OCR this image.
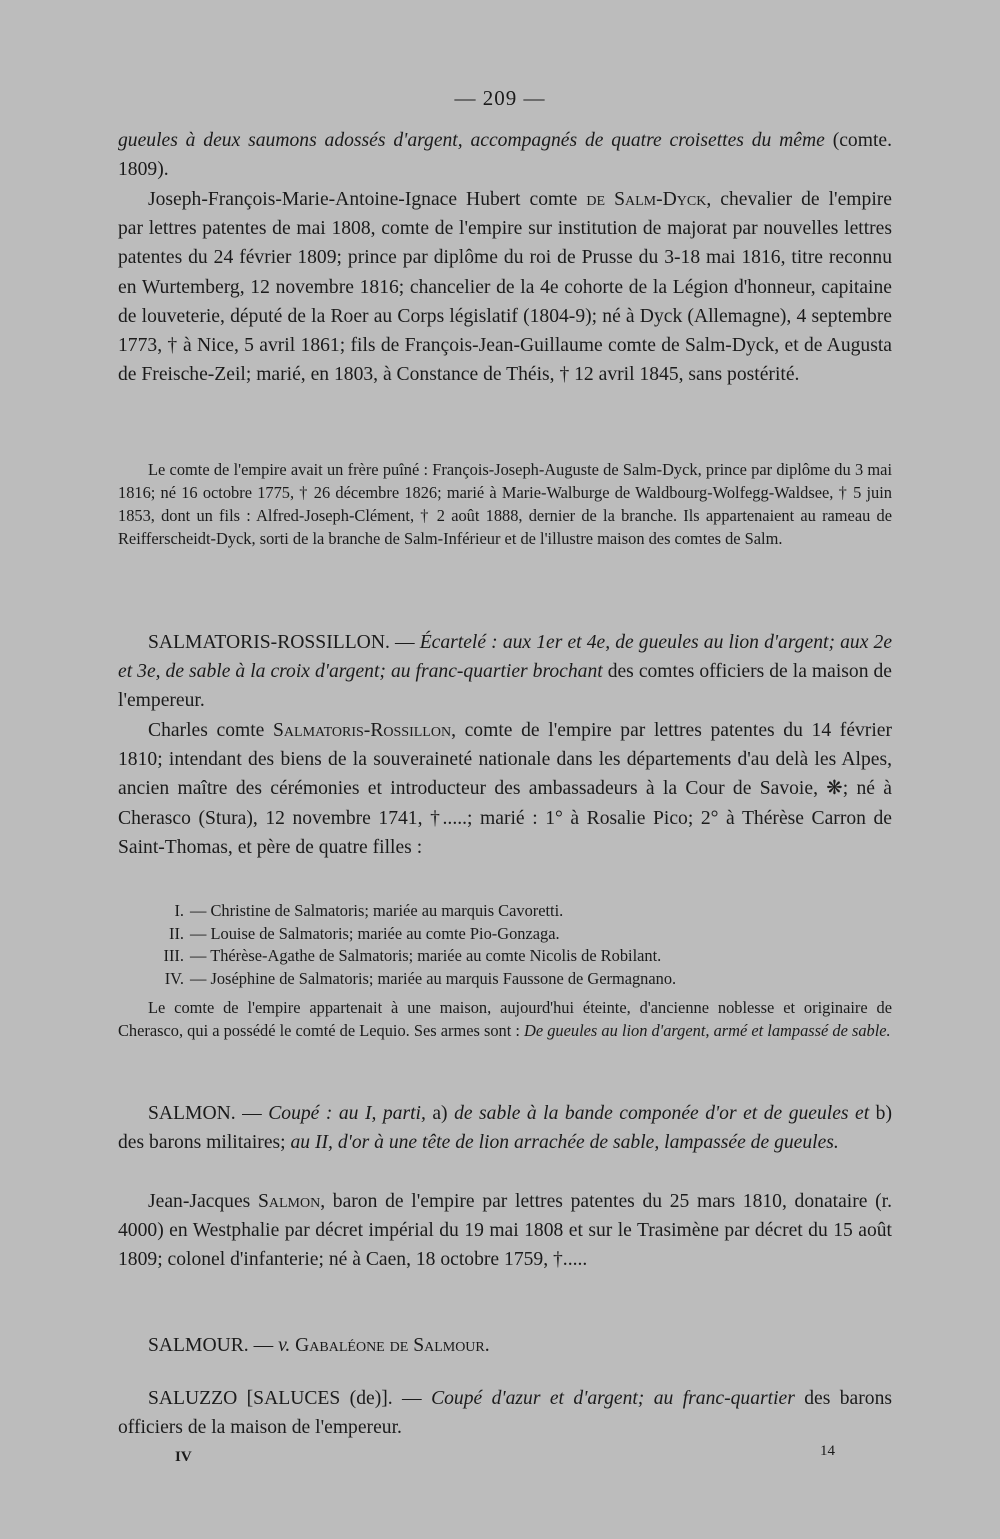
— 209 —

gueules à deux saumons adossés d'argent, accompagnés de quatre croisettes du même (comte. 1809).

Joseph-François-Marie-Antoine-Ignace Hubert comte de Salm-Dyck, chevalier de l'empire par lettres patentes de mai 1808, comte de l'empire sur institution de majorat par nouvelles lettres patentes du 24 février 1809; prince par diplôme du roi de Prusse du 3-18 mai 1816, titre reconnu en Wurtemberg, 12 novembre 1816; chancelier de la 4e cohorte de la Légion d'honneur, capitaine de louveterie, député de la Roer au Corps législatif (1804-9); né à Dyck (Allemagne), 4 septembre 1773, † à Nice, 5 avril 1861; fils de François-Jean-Guillaume comte de Salm-Dyck, et de Augusta de Freische-Zeil; marié, en 1803, à Constance de Théis, † 12 avril 1845, sans postérité.

Le comte de l'empire avait un frère puîné : François-Joseph-Auguste de Salm-Dyck, prince par diplôme du 3 mai 1816; né 16 octobre 1775, † 26 décembre 1826; marié à Marie-Walburge de Waldbourg-Wolfegg-Waldsee, † 5 juin 1853, dont un fils : Alfred-Joseph-Clément, † 2 août 1888, dernier de la branche. Ils appartenaient au rameau de Reifferscheidt-Dyck, sorti de la branche de Salm-Inférieur et de l'illustre maison des comtes de Salm.

SALMATORIS-ROSSILLON. — Écartelé : aux 1er et 4e, de gueules au lion d'argent; aux 2e et 3e, de sable à la croix d'argent; au franc-quartier brochant des comtes officiers de la maison de l'empereur.

Charles comte Salmatoris-Rossillon, comte de l'empire par lettres patentes du 14 février 1810; intendant des biens de la souveraineté nationale dans les départements d'au delà les Alpes, ancien maître des cérémonies et introducteur des ambassadeurs à la Cour de Savoie, ❋; né à Cherasco (Stura), 12 novembre 1741, †.....; marié : 1° à Rosalie Pico; 2° à Thérèse Carron de Saint-Thomas, et père de quatre filles :

I. — Christine de Salmatoris; mariée au marquis Cavoretti.
II. — Louise de Salmatoris; mariée au comte Pio-Gonzaga.
III. — Thérèse-Agathe de Salmatoris; mariée au comte Nicolis de Robilant.
IV. — Joséphine de Salmatoris; mariée au marquis Faussone de Germagnano.

Le comte de l'empire appartenait à une maison, aujourd'hui éteinte, d'ancienne noblesse et originaire de Cherasco, qui a possédé le comté de Lequio. Ses armes sont : De gueules au lion d'argent, armé et lampassé de sable.

SALMON. — Coupé : au I, parti, a) de sable à la bande componée d'or et de gueules et b) des barons militaires; au II, d'or à une tête de lion arrachée de sable, lampassée de gueules.

Jean-Jacques Salmon, baron de l'empire par lettres patentes du 25 mars 1810, donataire (r. 4000) en Westphalie par décret impérial du 19 mai 1808 et sur le Trasimène par décret du 15 août 1809; colonel d'infanterie; né à Caen, 18 octobre 1759, †.....

SALMOUR. — v. Gabaléone de Salmour.

SALUZZO [SALUCES (de)]. — Coupé d'azur et d'argent; au franc-quartier des barons officiers de la maison de l'empereur.

IV	14
